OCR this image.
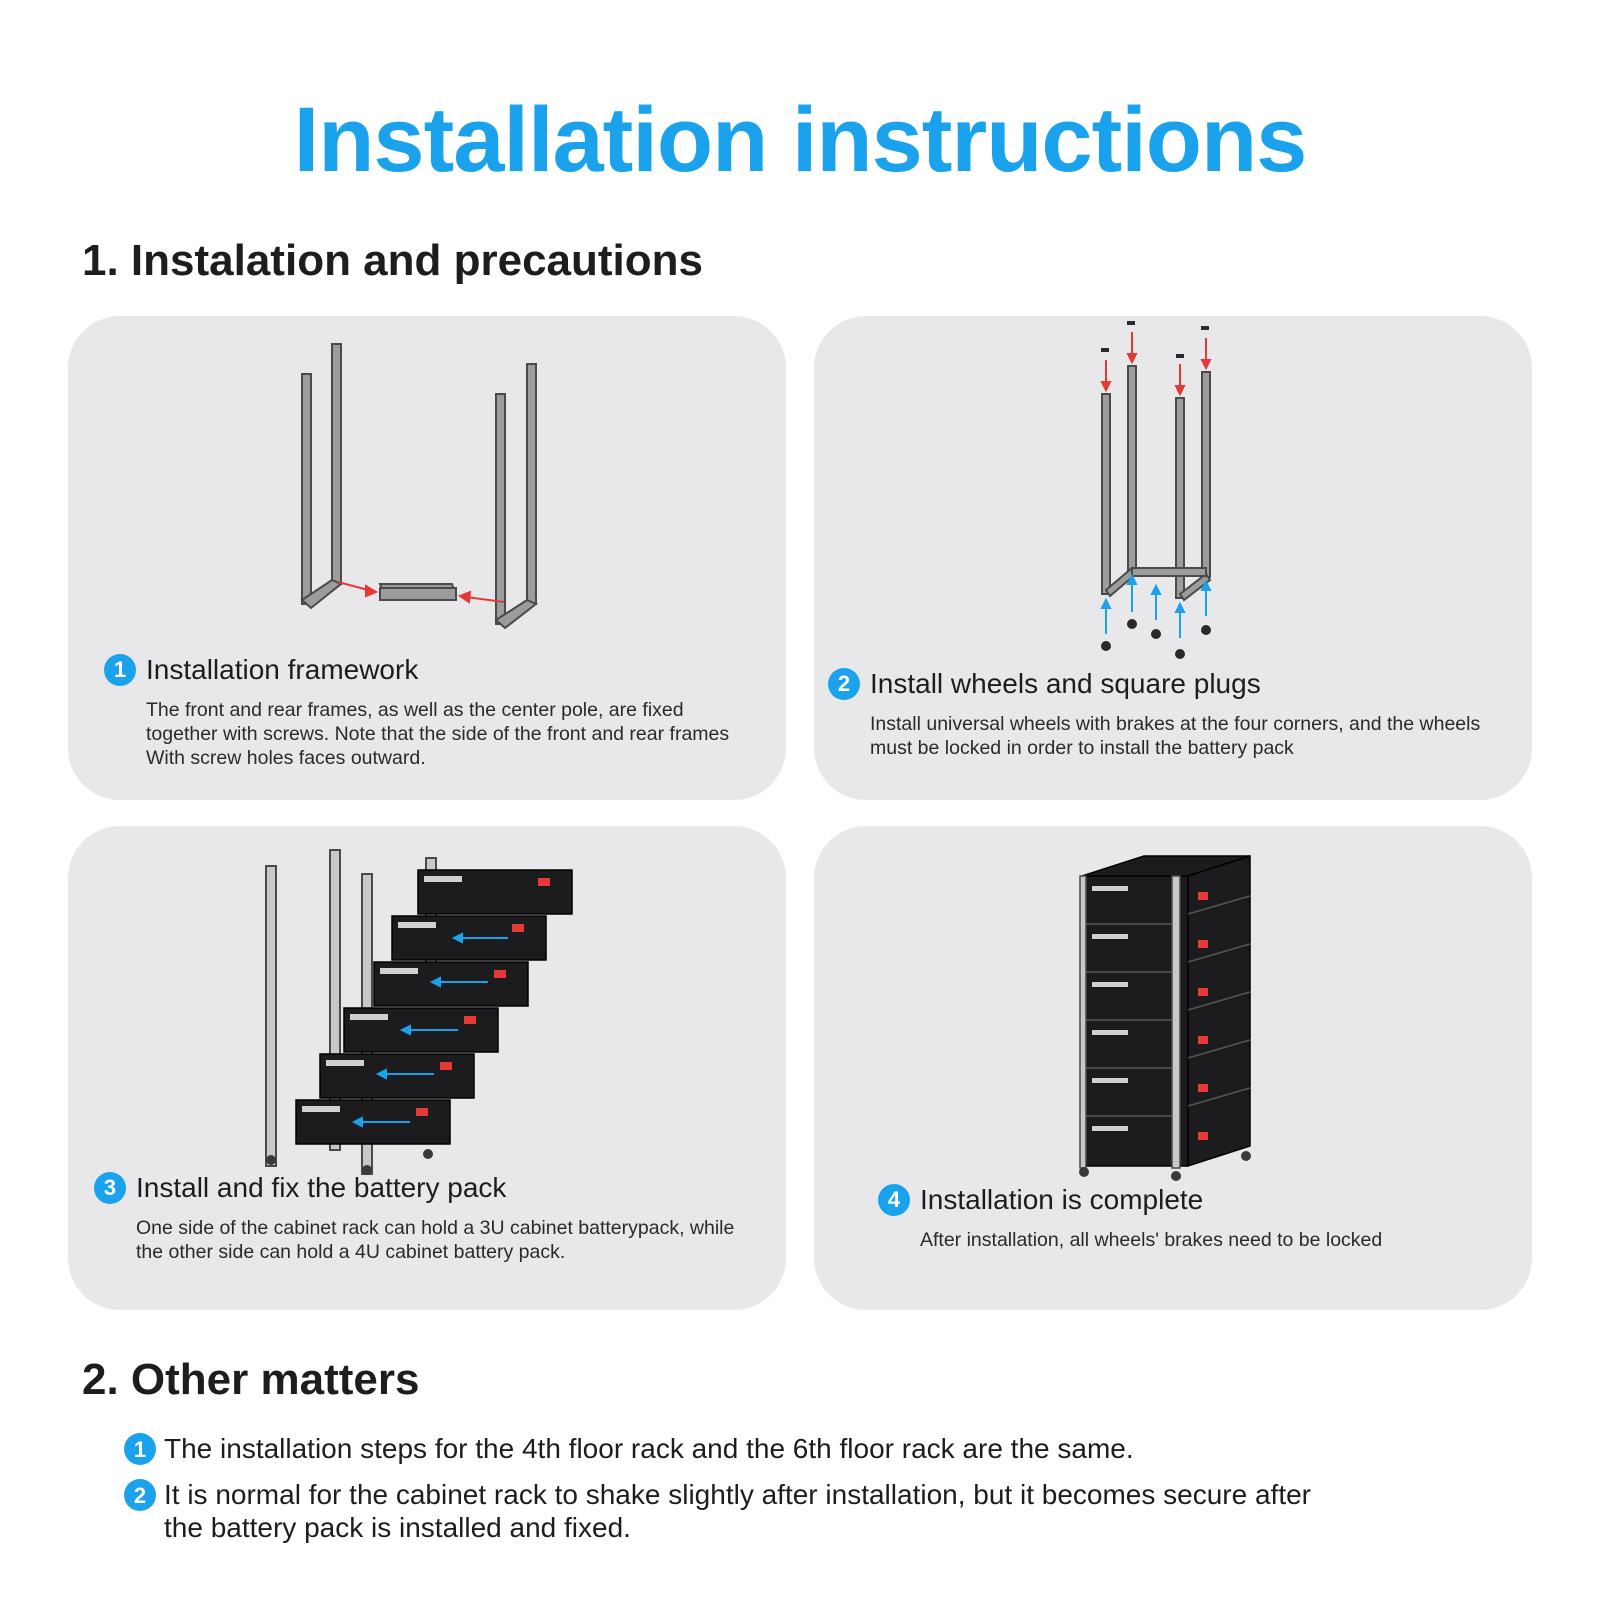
Installation instructions
1. Instalation and precautions
1 Installation framework

The front and rear frames, as well as the center pole, are fixed together with screws. Note that the side of the front and rear frames With screw holes faces outward.

2 Install wheels and square plugs

Install universal wheels with brakes at the four corners, and the wheels must be locked in order to install the battery pack

3 Install and fix the battery pack

One side of the cabinet rack can hold a 3U cabinet batterypack, while the other side can hold a 4U cabinet battery pack.

4 Installation is complete

After installation, all wheels' brakes need to be locked

2. Other matters
1 The installation steps for the 4th floor rack and the 6th floor rack are the same.
2 It is normal for the cabinet rack to shake slightly after installation, but it becomes secure after the battery pack is installed and fixed.
